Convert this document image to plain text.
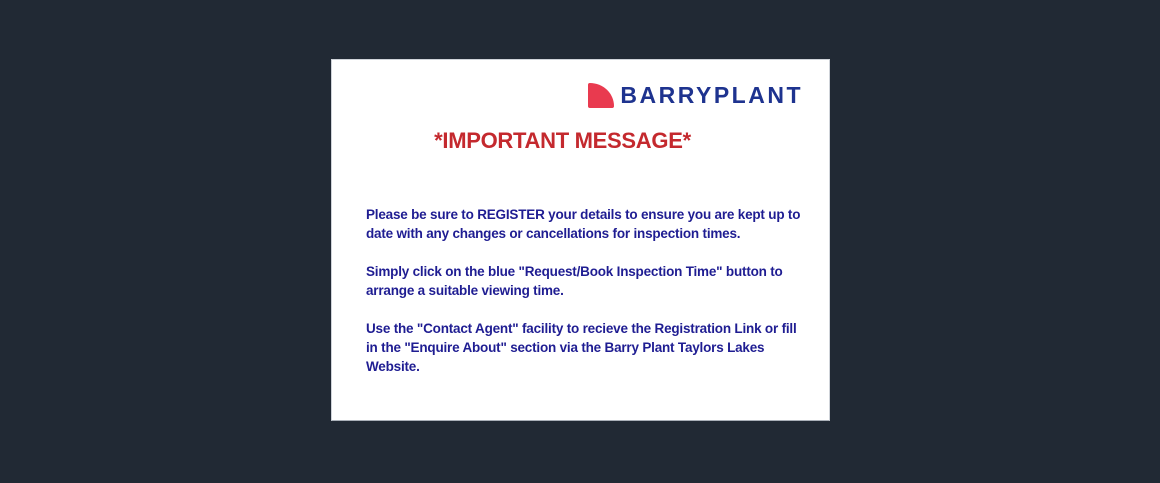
BARRYPLANT
*IMPORTANT MESSAGE*

Please be sure to REGISTER your details to ensure you are kept up to date with any changes or cancellations for inspection times.

Simply click on the blue "Request/Book Inspection Time" button to arrange a suitable viewing time.

Use the "Contact Agent" facility to recieve the Registration Link or fill in the "Enquire About" section via the Barry Plant Taylors Lakes Website.
